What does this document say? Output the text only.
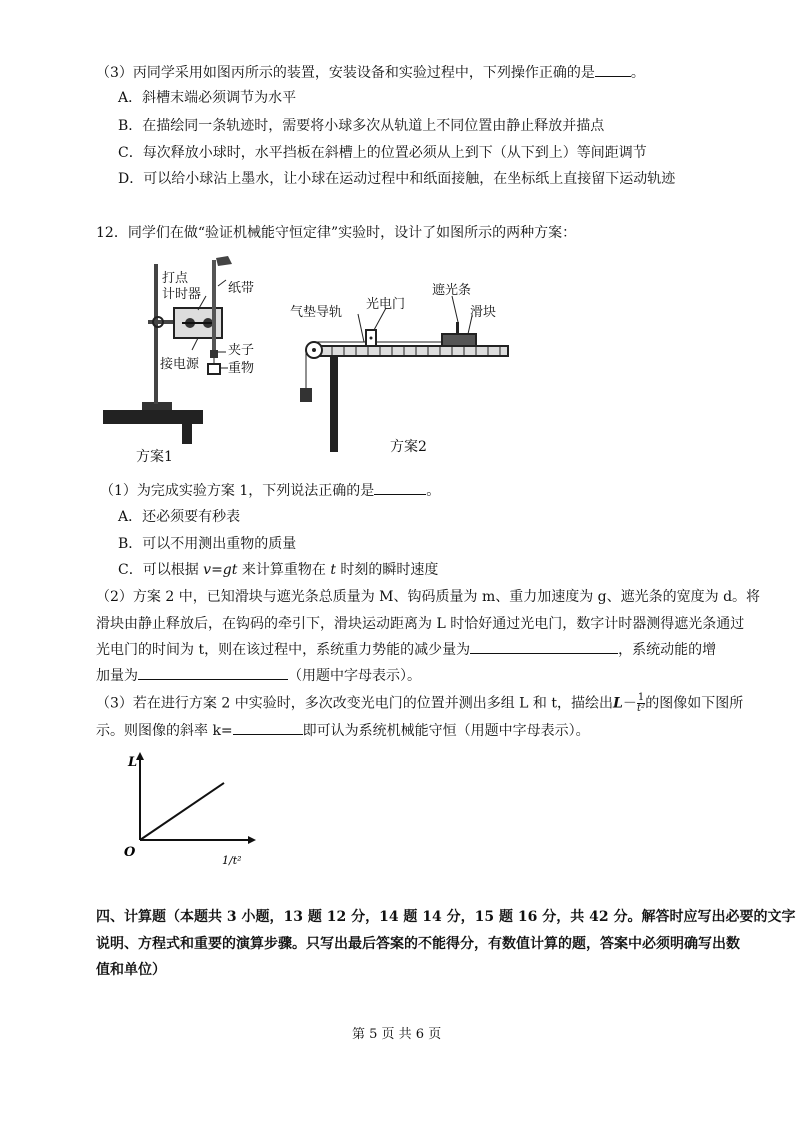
（3）丙同学采用如图丙所示的装置，安装设备和实验过程中，下列操作正确的是	。
A．斜槽末端必须调节为水平
B．在描绘同一条轨迹时，需要将小球多次从轨道上不同位置由静止释放并描点
C．每次释放小球时，水平挡板在斜槽上的位置必须从上到下（从下到上）等间距调节
D．可以给小球沾上墨水，让小球在运动过程中和纸面接触，在坐标纸上直接留下运动轨迹
12．同学们在做“验证机械能守恒定律”实验时，设计了如图所示的两种方案：
打点
计时器 纸带
夹子
重物
接电源
方案1
气垫导轨
光电门
遮光条
滑块
方案2
（1）为完成实验方案 1，下列说法正确的是	。
A．还必须要有秒表
B．可以不用测出重物的质量
C．可以根据 v=gt 来计算重物在 t 时刻的瞬时速度
（2）方案 2 中，已知滑块与遮光条总质量为 M、钩码质量为 m、重力加速度为 g、遮光条的宽度为 d。将
滑块由静止释放后，在钩码的牵引下，滑块运动距离为 L 时恰好通过光电门，数字计时器测得遮光条通过
光电门的时间为 t，则在该过程中，系统重力势能的减少量为	，系统动能的增
加量为	（用题中字母表示）。
（3）若在进行方案 2 中实验时，多次改变光电门的位置并测出多组 L 和 t，描绘出$L- \frac{1}{\text{t²}}$ 的图像如下图所
示。则图像的斜率 k=	即可认为系统机械能守恒（用题中字母表示）。
L
O
1/t²
四、计算题（本题共 3 小题，13 题 12 分，14 题 14 分，15 题 16 分，共 42 分。解答时应写出必要的文字
说明、方程式和重要的演算步骤。只写出最后答案的不能得分，有数值计算的题，答案中必须明确写出数
值和单位）
第 5 页 共 6 页
